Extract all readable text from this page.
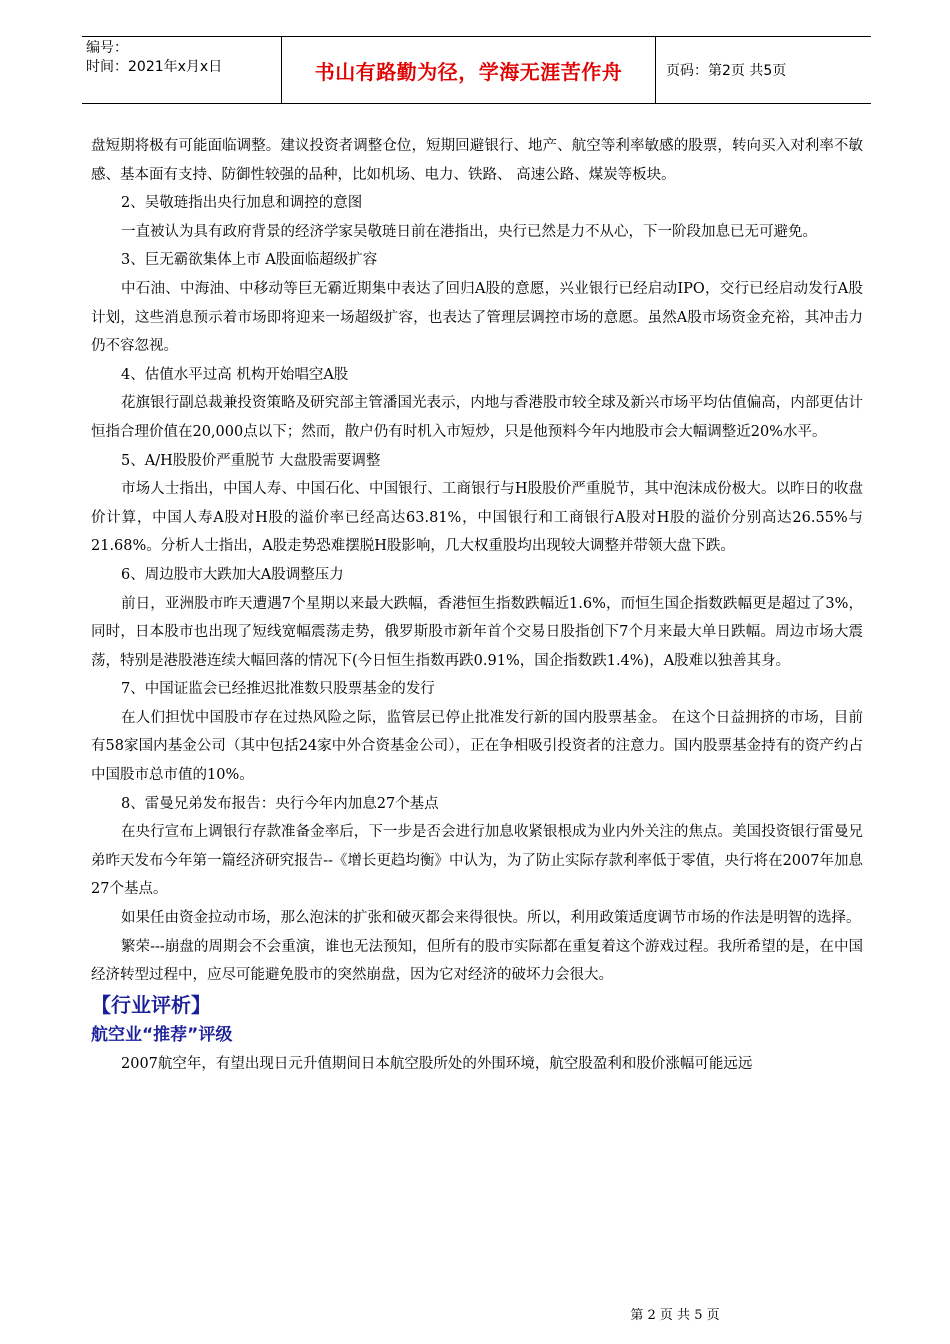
编号：
时间：2021年x月x日	书山有路勤为径，学海无涯苦作舟	页码：第2页 共5页

盘短期将极有可能面临调整。建议投资者调整仓位，短期回避银行、地产、航空等利率敏感的股票，转向买入对利率不敏感、基本面有支持、防御性较强的品种，比如机场、电力、铁路、 高速公路、煤炭等板块。

2、吴敬琏指出央行加息和调控的意图

一直被认为具有政府背景的经济学家吴敬琏日前在港指出，央行已然是力不从心，下一阶段加息已无可避免。

3、巨无霸欲集体上市 A股面临超级扩容

中石油、中海油、中移动等巨无霸近期集中表达了回归A股的意愿，兴业银行已经启动IPO，交行已经启动发行A股计划，这些消息预示着市场即将迎来一场超级扩容，也表达了管理层调控市场的意愿。虽然A股市场资金充裕，其冲击力仍不容忽视。

4、估值水平过高 机构开始唱空A股

花旗银行副总裁兼投资策略及研究部主管潘国光表示，内地与香港股市较全球及新兴市场平均估值偏高，内部更估计恒指合理价值在20,000点以下；然而，散户仍有时机入市短炒，只是他预料今年内地股市会大幅调整近20%水平。

5、A/H股股价严重脱节 大盘股需要调整

市场人士指出，中国人寿、中国石化、中国银行、工商银行与H股股价严重脱节，其中泡沫成份极大。以昨日的收盘价计算，中国人寿A股对H股的溢价率已经高达63.81%，中国银行和工商银行A股对H股的溢价分别高达26.55%与21.68%。分析人士指出，A股走势恐难摆脱H股影响，几大权重股均出现较大调整并带领大盘下跌。

6、周边股市大跌加大A股调整压力

前日，亚洲股市昨天遭遇7个星期以来最大跌幅，香港恒生指数跌幅近1.6%，而恒生国企指数跌幅更是超过了3%，同时，日本股市也出现了短线宽幅震荡走势，俄罗斯股市新年首个交易日股指创下7个月来最大单日跌幅。周边市场大震荡，特别是港股港连续大幅回落的情况下(今日恒生指数再跌0.91%，国企指数跌1.4%)，A股难以独善其身。

7、中国证监会已经推迟批准数只股票基金的发行

在人们担忧中国股市存在过热风险之际，监管层已停止批准发行新的国内股票基金。 在这个日益拥挤的市场，目前有58家国内基金公司（其中包括24家中外合资基金公司），正在争相吸引投资者的注意力。国内股票基金持有的资产约占中国股市总市值的10%。

8、雷曼兄弟发布报告：央行今年内加息27个基点

在央行宣布上调银行存款准备金率后，下一步是否会进行加息收紧银根成为业内外关注的焦点。美国投资银行雷曼兄弟昨天发布今年第一篇经济研究报告--《增长更趋均衡》中认为，为了防止实际存款利率低于零值，央行将在2007年加息27个基点。

如果任由资金拉动市场，那么泡沫的扩张和破灭都会来得很快。所以，利用政策适度调节市场的作法是明智的选择。

繁荣---崩盘的周期会不会重演，谁也无法预知，但所有的股市实际都在重复着这个游戏过程。我所希望的是，在中国经济转型过程中，应尽可能避免股市的突然崩盘，因为它对经济的破坏力会很大。

【行业评析】
航空业“推荐”评级

2007航空年，有望出现日元升值期间日本航空股所处的外围环境，航空股盈利和股价涨幅可能远远

第 2 页 共 5 页
